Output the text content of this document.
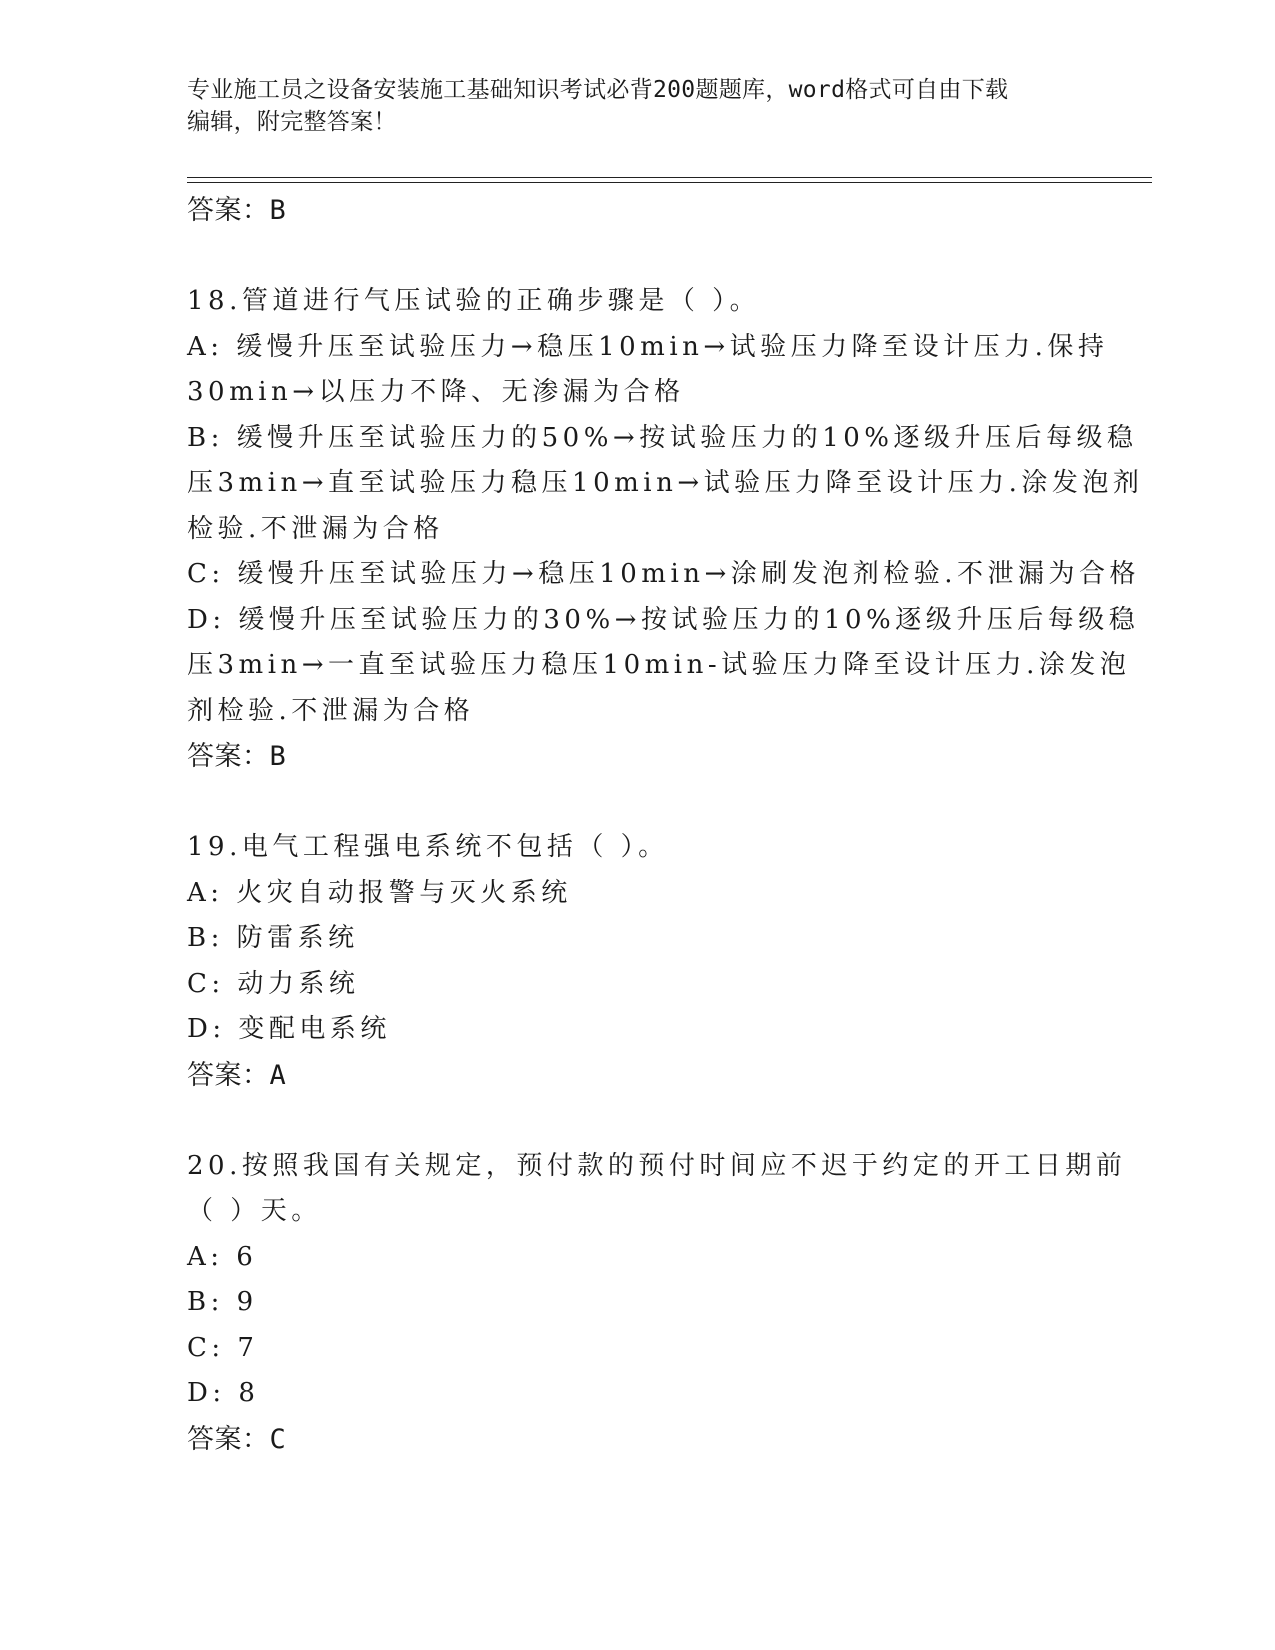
专业施工员之设备安装施工基础知识考试必背200题题库，word格式可自由下载
编辑，附完整答案！
答案：B
18.管道进行气压试验的正确步骤是（ ）。
A: 缓慢升压至试验压力→稳压10min→试验压力降至设计压力.保持
30min→以压力不降、无渗漏为合格
B: 缓慢升压至试验压力的50%→按试验压力的10%逐级升压后每级稳
压3min→直至试验压力稳压10min→试验压力降至设计压力.涂发泡剂
检验.不泄漏为合格
C: 缓慢升压至试验压力→稳压10min→涂刷发泡剂检验.不泄漏为合格
D: 缓慢升压至试验压力的30%→按试验压力的10%逐级升压后每级稳
压3min→一直至试验压力稳压10min-试验压力降至设计压力.涂发泡
剂检验.不泄漏为合格
答案：B
19.电气工程强电系统不包括（ ）。
A: 火灾自动报警与灭火系统
B: 防雷系统
C: 动力系统
D: 变配电系统
答案：A
20.按照我国有关规定，预付款的预付时间应不迟于约定的开工日期前
（ ）天。
A: 6
B: 9
C: 7
D: 8
答案：C
